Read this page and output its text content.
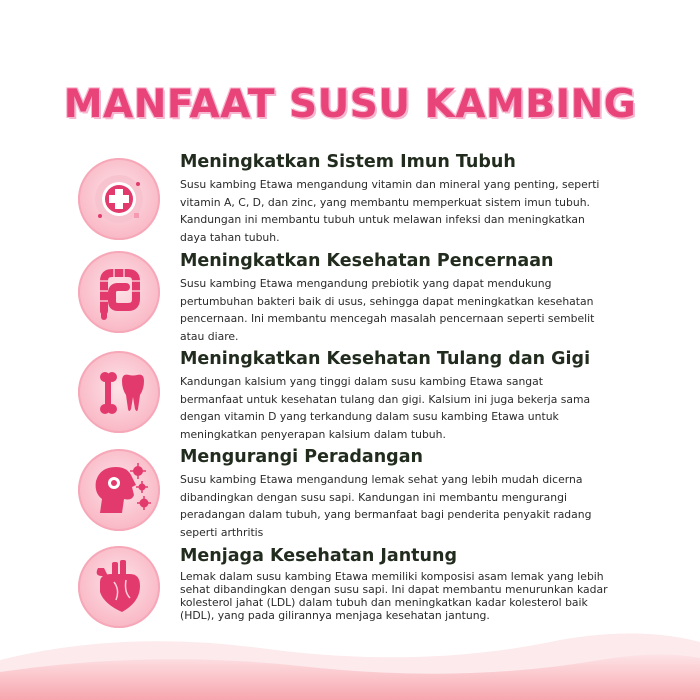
MANFAAT SUSU KAMBING
Meningkatkan Sistem Imun Tubuh
Susu kambing Etawa mengandung vitamin dan mineral yang penting, seperti
vitamin A, C, D, dan zinc, yang membantu memperkuat sistem imun tubuh.
Kandungan ini membantu tubuh untuk melawan infeksi dan meningkatkan
daya tahan tubuh.
Meningkatkan Kesehatan Pencernaan
Susu kambing Etawa mengandung prebiotik yang dapat mendukung
pertumbuhan bakteri baik di usus, sehingga dapat meningkatkan kesehatan
pencernaan. Ini membantu mencegah masalah pencernaan seperti sembelit
atau diare.
Meningkatkan Kesehatan Tulang dan Gigi
Kandungan kalsium yang tinggi dalam susu kambing Etawa sangat
bermanfaat untuk kesehatan tulang dan gigi. Kalsium ini juga bekerja sama
dengan vitamin D yang terkandung dalam susu kambing Etawa untuk
meningkatkan penyerapan kalsium dalam tubuh.
Mengurangi Peradangan
Susu kambing Etawa mengandung lemak sehat yang lebih mudah dicerna
dibandingkan dengan susu sapi. Kandungan ini membantu mengurangi
peradangan dalam tubuh, yang bermanfaat bagi penderita penyakit radang
seperti arthritis
Menjaga Kesehatan Jantung
Lemak dalam susu kambing Etawa memiliki komposisi asam lemak yang lebih
sehat dibandingkan dengan susu sapi. Ini dapat membantu menurunkan kadar
kolesterol jahat (LDL) dalam tubuh dan meningkatkan kadar kolesterol baik
(HDL), yang pada gilirannya menjaga kesehatan jantung.
